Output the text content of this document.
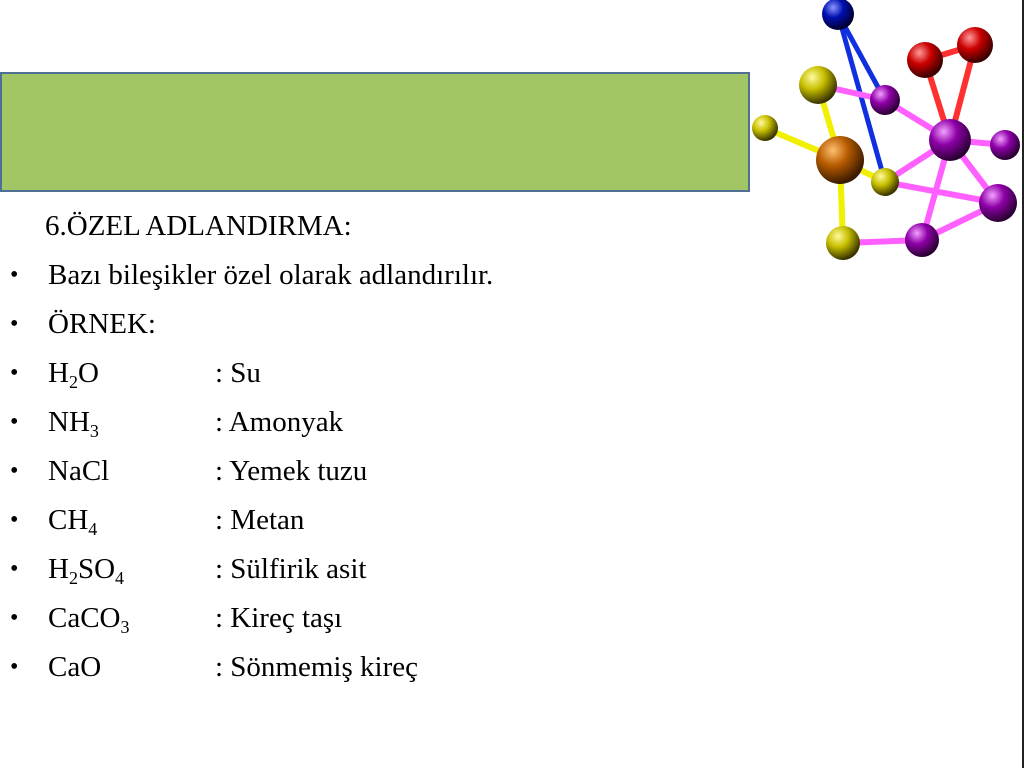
6.ÖZEL ADLANDIRMA:
• Bazı bileşikler özel olarak adlandırılır.
• ÖRNEK:
• $H_2O$	: Su
• $NH_3$	: Amonyak
• NaCl	: Yemek tuzu
• $CH_4$	: Metan
• $H_2SO_4$	: Sülfirik asit
• CaCO$_3$	: Kireç taşı
• CaO	: Sönmemiş kireç
